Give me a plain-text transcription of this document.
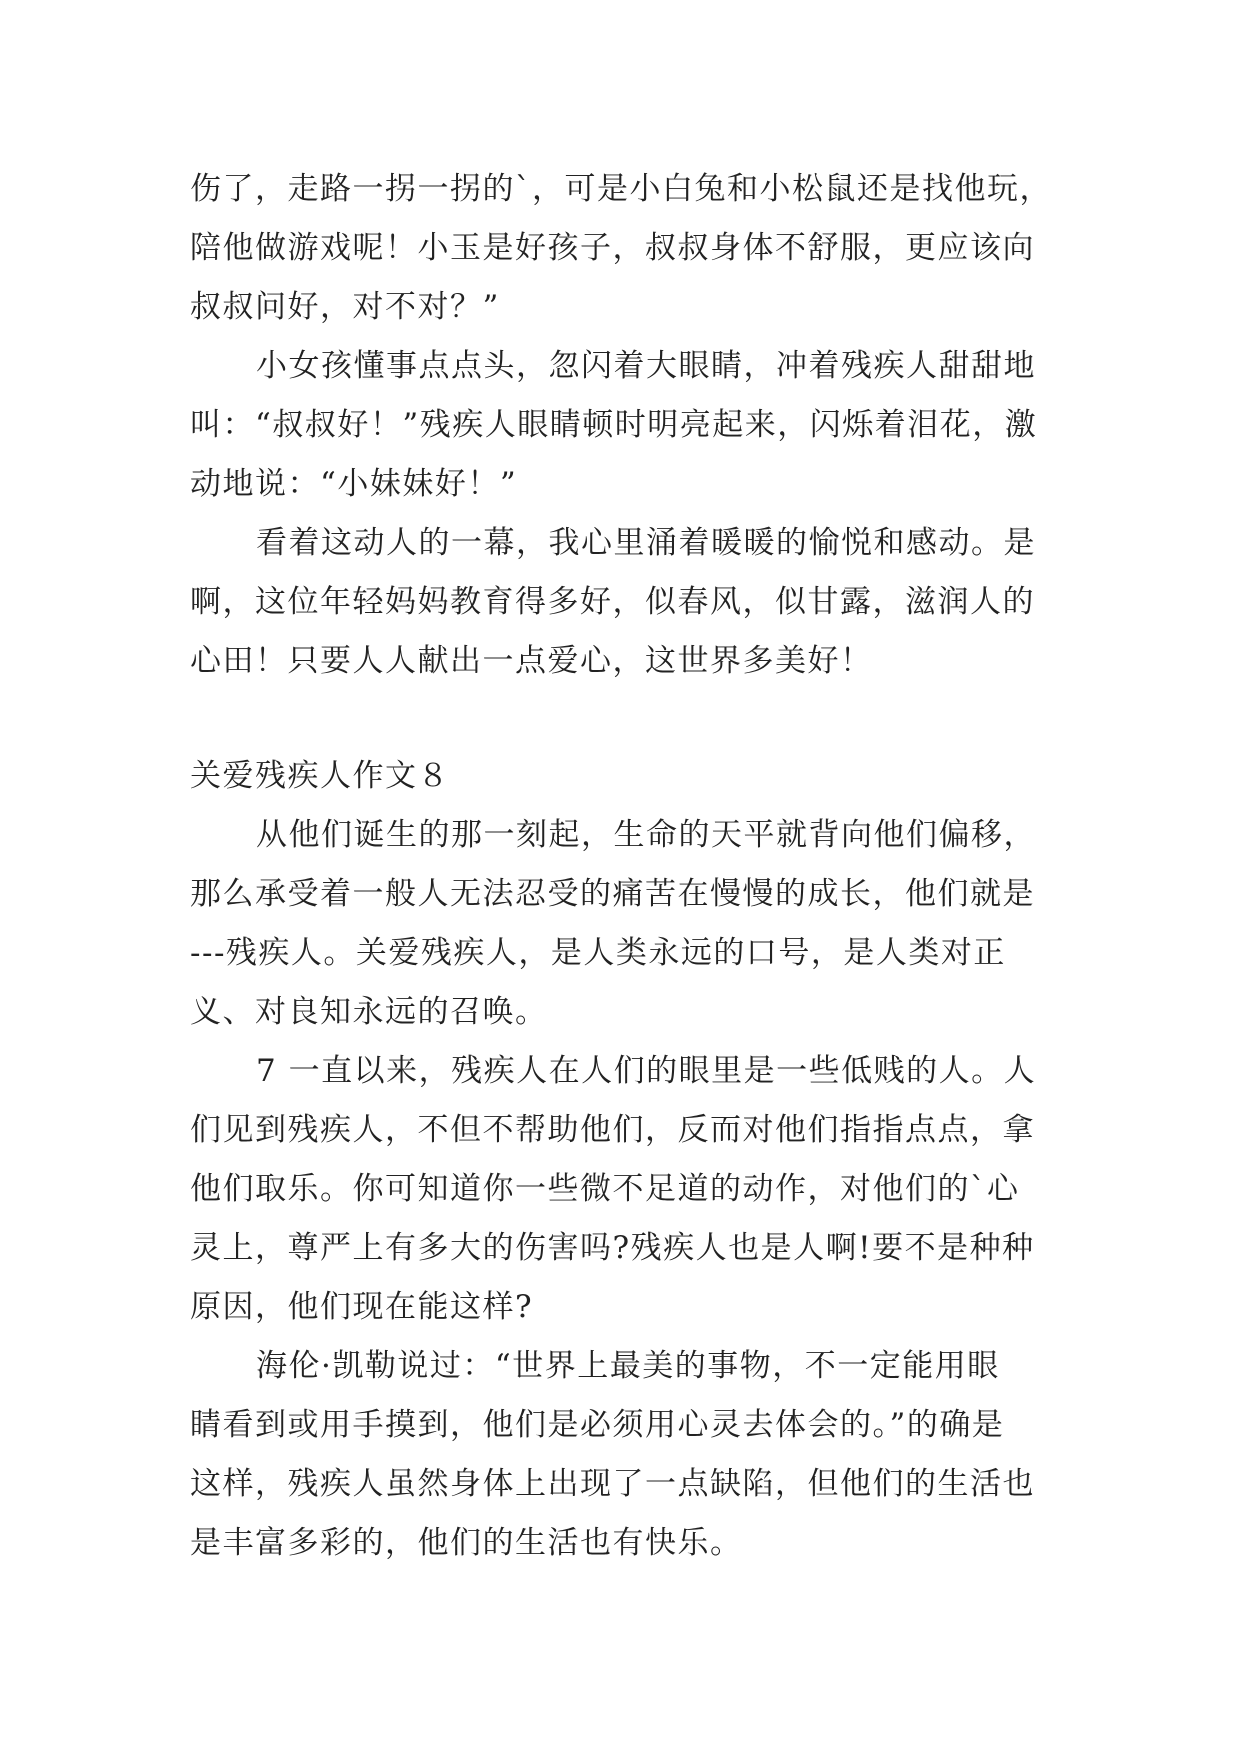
伤了，走路一拐一拐的`，可是小白兔和小松鼠还是找他玩，
陪他做游戏呢！小玉是好孩子，叔叔身体不舒服，更应该向
叔叔问好，对不对？”
小女孩懂事点点头，忽闪着大眼睛，冲着残疾人甜甜地
叫：“叔叔好！”残疾人眼睛顿时明亮起来，闪烁着泪花，激
动地说：“小妹妹好！”
看着这动人的一幕，我心里涌着暖暖的愉悦和感动。是
啊，这位年轻妈妈教育得多好，似春风，似甘露，滋润人的
心田！只要人人献出一点爱心，这世界多美好！
关爱残疾人作文８
从他们诞生的那一刻起，生命的天平就背向他们偏移，
那么承受着一般人无法忍受的痛苦在慢慢的成长，他们就是
---残疾人。关爱残疾人，是人类永远的口号，是人类对正
义、对良知永远的召唤。
7 一直以来，残疾人在人们的眼里是一些低贱的人。人
们见到残疾人，不但不帮助他们，反而对他们指指点点，拿
他们取乐。你可知道你一些微不足道的动作，对他们的`心
灵上，尊严上有多大的伤害吗?残疾人也是人啊!要不是种种
原因，他们现在能这样?
海伦·凯勒说过：“世界上最美的事物，不一定能用眼
睛看到或用手摸到，他们是必须用心灵去体会的。”的确是
这样，残疾人虽然身体上出现了一点缺陷，但他们的生活也
是丰富多彩的，他们的生活也有快乐。
